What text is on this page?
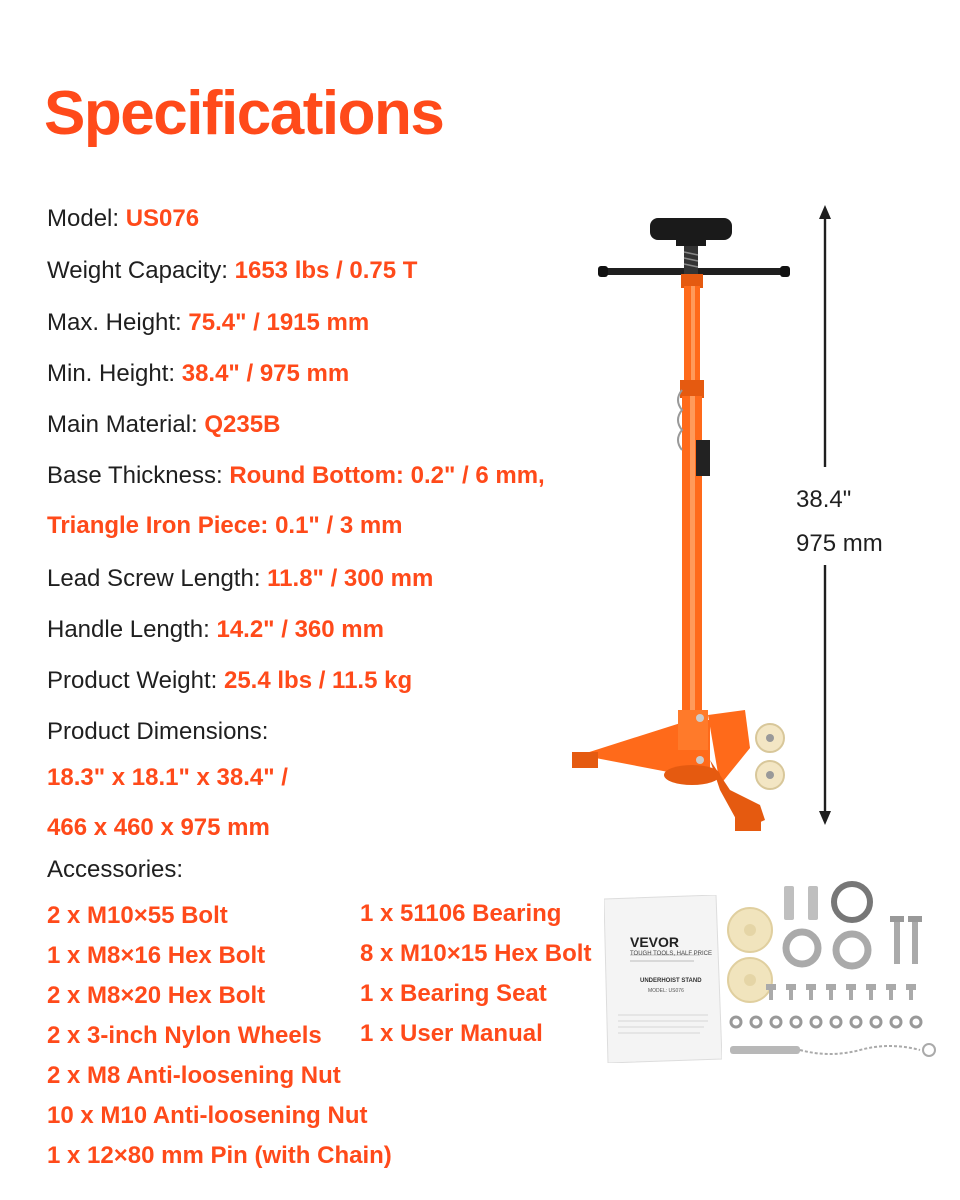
Specifications
Model: US076
Weight Capacity: 1653 lbs / 0.75 T
Max. Height: 75.4" / 1915 mm
Min. Height: 38.4" / 975 mm
Main Material: Q235B
Base Thickness: Round Bottom: 0.2" / 6 mm,
Triangle Iron Piece: 0.1" / 3 mm
Lead Screw Length: 11.8" / 300 mm
Handle Length: 14.2" / 360 mm
Product Weight: 25.4 lbs / 11.5 kg
Product Dimensions:
18.3" x 18.1" x 38.4" /
466 x 460 x 975 mm
Accessories:
2 x M10×55 Bolt
1 x M8×16 Hex Bolt
2 x M8×20 Hex Bolt
2 x 3-inch Nylon Wheels
2 x M8 Anti-loosening Nut
10 x M10 Anti-loosening Nut
1 x 12×80 mm Pin (with Chain)
1 x 51106 Bearing
8 x M10×15 Hex Bolt
1 x Bearing Seat
1 x User Manual
38.4"
975 mm
VEVOR
TOUGH TOOLS, HALF PRICE
UNDERHOIST STAND
MODEL: US076
